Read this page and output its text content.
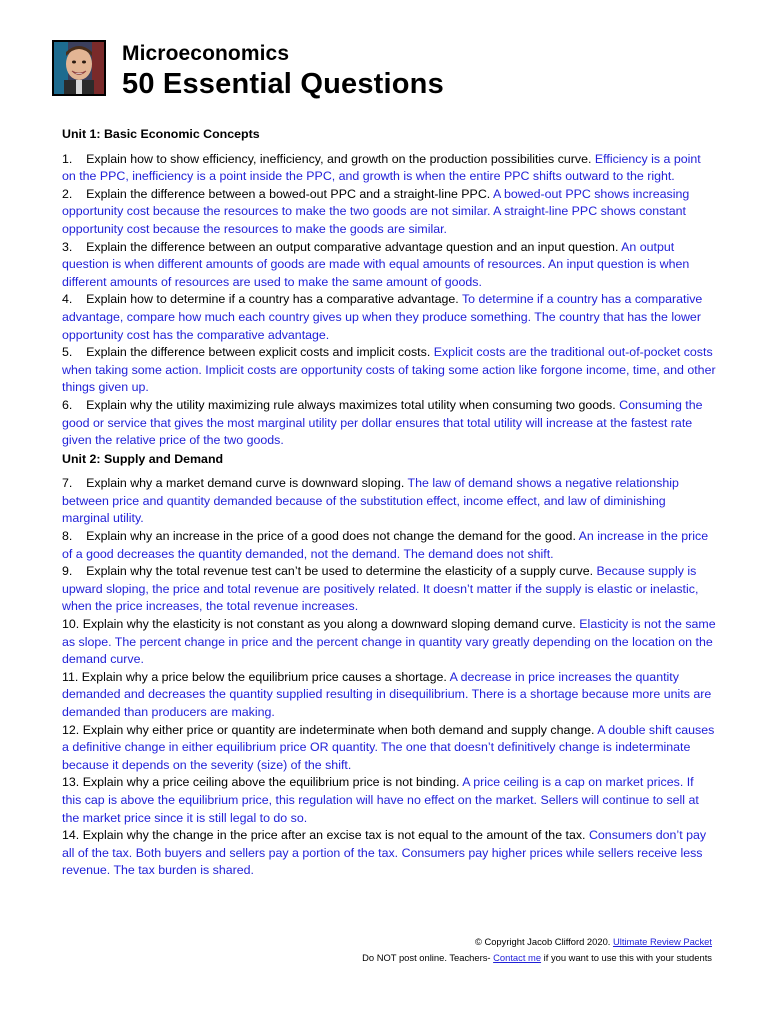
Microeconomics
50 Essential Questions
Unit 1: Basic Economic Concepts

1. Explain how to show efficiency, inefficiency, and growth on the production possibilities curve. Efficiency is a point on the PPC, inefficiency is a point inside the PPC, and growth is when the entire PPC shifts outward to the right.

2. Explain the difference between a bowed-out PPC and a straight-line PPC. A bowed-out PPC shows increasing opportunity cost because the resources to make the two goods are not similar. A straight-line PPC shows constant opportunity cost because the resources to make the goods are similar.

3. Explain the difference between an output comparative advantage question and an input question. An output question is when different amounts of goods are made with equal amounts of resources. An input question is when different amounts of resources are used to make the same amount of goods.

4. Explain how to determine if a country has a comparative advantage. To determine if a country has a comparative advantage, compare how much each country gives up when they produce something. The country that has the lower opportunity cost has the comparative advantage.

5. Explain the difference between explicit costs and implicit costs. Explicit costs are the traditional out-of-pocket costs when taking some action. Implicit costs are opportunity costs of taking some action like forgone income, time, and other things given up.

6. Explain why the utility maximizing rule always maximizes total utility when consuming two goods. Consuming the good or service that gives the most marginal utility per dollar ensures that total utility will increase at the fastest rate given the relative price of the two goods.

Unit 2: Supply and Demand

7. Explain why a market demand curve is downward sloping. The law of demand shows a negative relationship between price and quantity demanded because of the substitution effect, income effect, and law of diminishing marginal utility.

8. Explain why an increase in the price of a good does not change the demand for the good. An increase in the price of a good decreases the quantity demanded, not the demand. The demand does not shift.

9. Explain why the total revenue test can’t be used to determine the elasticity of a supply curve. Because supply is upward sloping, the price and total revenue are positively related. It doesn’t matter if the supply is elastic or inelastic, when the price increases, the total revenue increases.

10. Explain why the elasticity is not constant as you along a downward sloping demand curve. Elasticity is not the same as slope. The percent change in price and the percent change in quantity vary greatly depending on the location on the demand curve.

11. Explain why a price below the equilibrium price causes a shortage. A decrease in price increases the quantity demanded and decreases the quantity supplied resulting in disequilibrium. There is a shortage because more units are demanded than producers are making.

12. Explain why either price or quantity are indeterminate when both demand and supply change. A double shift causes a definitive change in either equilibrium price OR quantity. The one that doesn’t definitively change is indeterminate because it depends on the severity (size) of the shift.

13. Explain why a price ceiling above the equilibrium price is not binding. A price ceiling is a cap on market prices. If this cap is above the equilibrium price, this regulation will have no effect on the market. Sellers will continue to sell at the market price since it is still legal to do so.

14. Explain why the change in the price after an excise tax is not equal to the amount of the tax. Consumers don’t pay all of the tax. Both buyers and sellers pay a portion of the tax. Consumers pay higher prices while sellers receive less revenue. The tax burden is shared.

© Copyright Jacob Clifford 2020. Ultimate Review Packet
Do NOT post online. Teachers- Contact me if you want to use this with your students
